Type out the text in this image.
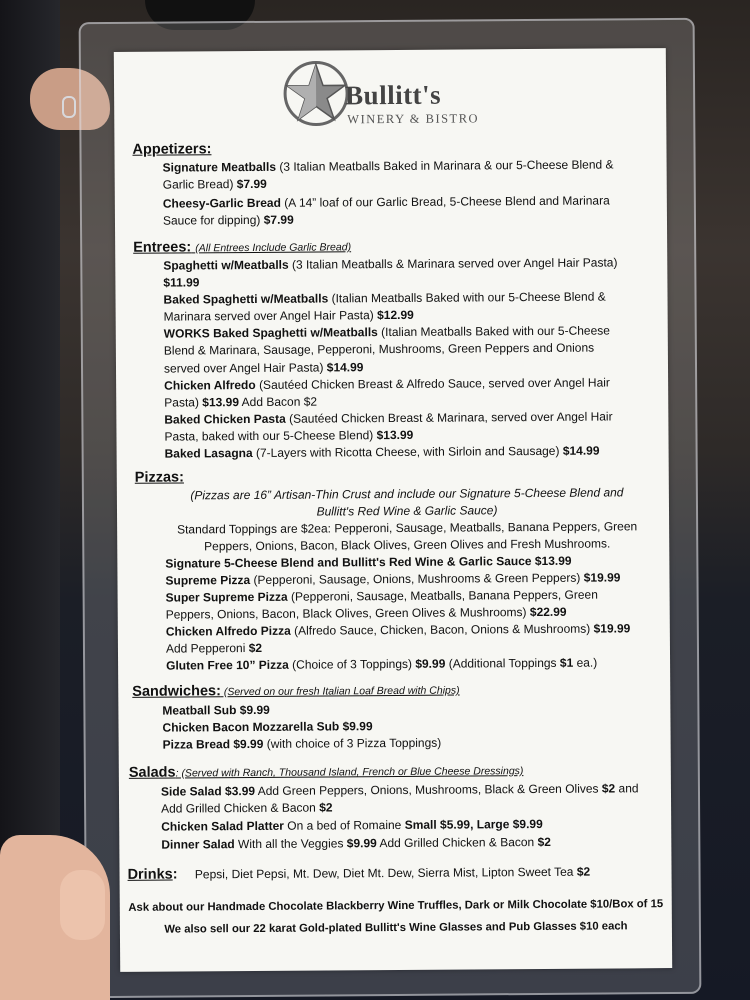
Bullitt's
WINERY & BISTRO
Appetizers:
Signature Meatballs (3 Italian Meatballs Baked in Marinara & our 5-Cheese Blend &
Garlic Bread) $7.99
Cheesy-Garlic Bread (A 14” loaf of our Garlic Bread, 5-Cheese Blend and Marinara
Sauce for dipping) $7.99
Entrees: (All Entrees Include Garlic Bread)
Spaghetti w/Meatballs (3 Italian Meatballs & Marinara served over Angel Hair Pasta)
$11.99
Baked Spaghetti w/Meatballs (Italian Meatballs Baked with our 5-Cheese Blend &
Marinara served over Angel Hair Pasta) $12.99
WORKS Baked Spaghetti w/Meatballs (Italian Meatballs Baked with our 5-Cheese
Blend & Marinara, Sausage, Pepperoni, Mushrooms, Green Peppers and Onions
served over Angel Hair Pasta) $14.99
Chicken Alfredo (Sautéed Chicken Breast & Alfredo Sauce, served over Angel Hair
Pasta) $13.99 Add Bacon $2
Baked Chicken Pasta (Sautéed Chicken Breast & Marinara, served over Angel Hair
Pasta, baked with our 5-Cheese Blend) $13.99
Baked Lasagna (7-Layers with Ricotta Cheese, with Sirloin and Sausage) $14.99
Pizzas:
(Pizzas are 16” Artisan-Thin Crust and include our Signature 5-Cheese Blend and
Bullitt's Red Wine & Garlic Sauce)
Standard Toppings are $2ea: Pepperoni, Sausage, Meatballs, Banana Peppers, Green
Peppers, Onions, Bacon, Black Olives, Green Olives and Fresh Mushrooms.
Signature 5-Cheese Blend and Bullitt's Red Wine & Garlic Sauce $13.99
Supreme Pizza (Pepperoni, Sausage, Onions, Mushrooms & Green Peppers) $19.99
Super Supreme Pizza (Pepperoni, Sausage, Meatballs, Banana Peppers, Green
Peppers, Onions, Bacon, Black Olives, Green Olives & Mushrooms) $22.99
Chicken Alfredo Pizza (Alfredo Sauce, Chicken, Bacon, Onions & Mushrooms) $19.99
Add Pepperoni $2
Gluten Free 10” Pizza (Choice of 3 Toppings) $9.99 (Additional Toppings $1 ea.)
Sandwiches: (Served on our fresh Italian Loaf Bread with Chips)
Meatball Sub $9.99
Chicken Bacon Mozzarella Sub $9.99
Pizza Bread $9.99 (with choice of 3 Pizza Toppings)
Salads: (Served with Ranch, Thousand Island, French or Blue Cheese Dressings)
Side Salad $3.99 Add Green Peppers, Onions, Mushrooms, Black & Green Olives $2 and
Add Grilled Chicken & Bacon $2
Chicken Salad Platter On a bed of Romaine Small $5.99, Large $9.99
Dinner Salad With all the Veggies $9.99 Add Grilled Chicken & Bacon $2
Drinks: Pepsi, Diet Pepsi, Mt. Dew, Diet Mt. Dew, Sierra Mist, Lipton Sweet Tea $2
Ask about our Handmade Chocolate Blackberry Wine Truffles, Dark or Milk Chocolate $10/Box of 15
We also sell our 22 karat Gold-plated Bullitt's Wine Glasses and Pub Glasses $10 each
